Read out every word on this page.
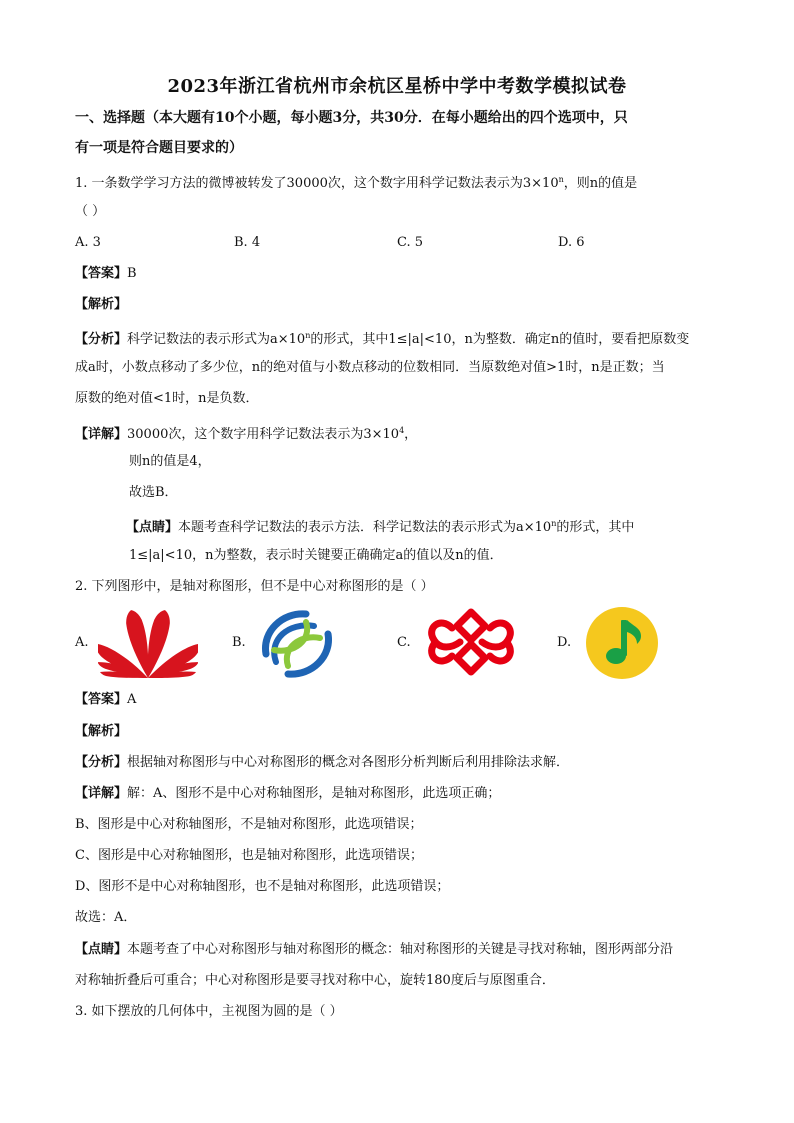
2023年浙江省杭州市余杭区星桥中学中考数学模拟试卷
一、选择题（本大题有10个小题，每小题3分，共30分．在每小题给出的四个选项中，只
有一项是符合题目要求的）
1. 一条数学学习方法的微博被转发了30000次，这个数字用科学记数法表示为$3\times 10^n$，则n的值是
（ ）
A. 3	B. 4	C. 5	D. 6
【答案】B
【解析】
【分析】科学记数法的表示形式为$a\times 10^n$的形式，其中1≤|a|<10，n为整数．确定n的值时，要看把原数变
成a时，小数点移动了多少位，n的绝对值与小数点移动的位数相同．当原数绝对值>1时，n是正数；当
原数的绝对值<1时，n是负数．
【详解】30000次，这个数字用科学记数法表示为$3\times 10^4$，
则n的值是4，
故选B．
【点睛】本题考查科学记数法的表示方法．科学记数法的表示形式为$a\times 10^n$的形式，其中
1≤|a|<10，n为整数，表示时关键要正确确定a的值以及n的值．
2. 下列图形中，是轴对称图形，但不是中心对称图形的是（ ）
A.	B.	C.	D.
【答案】A
【解析】
【分析】根据轴对称图形与中心对称图形的概念对各图形分析判断后利用排除法求解．
【详解】解：A、图形不是中心对称轴图形，是轴对称图形，此选项正确；
B、图形是中心对称轴图形，不是轴对称图形，此选项错误；
C、图形是中心对称轴图形，也是轴对称图形，此选项错误；
D、图形不是中心对称轴图形，也不是轴对称图形，此选项错误；
故选：A．
【点睛】本题考查了中心对称图形与轴对称图形的概念：轴对称图形的关键是寻找对称轴，图形两部分沿
对称轴折叠后可重合；中心对称图形是要寻找对称中心，旋转180度后与原图重合．
3. 如下摆放的几何体中，主视图为圆的是（ ）
